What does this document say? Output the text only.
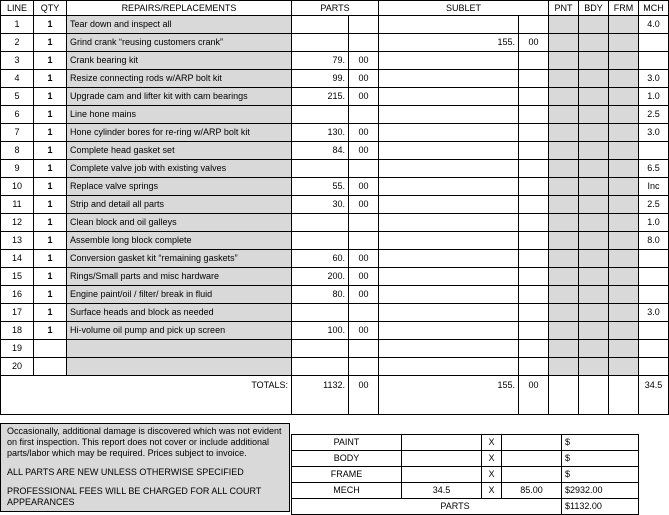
LINE	QTY	REPAIRS/REPLACEMENTS	PARTS		SUBLET		PNT	BDY	FRM	MCH
1	1	Tear down and inspect all								4.0
2	1	Grind crank “reusing customers crank”			155.	00				
3	1	Crank bearing kit	79.	00						
4	1	Resize connecting rods w/ARP bolt kit	99.	00						3.0
5	1	Upgrade cam and lifter kit with cam bearings	215.	00						1.0
6	1	Line hone mains								2.5
7	1	Hone cylinder bores for re-ring w/ARP bolt kit	130.	00						3.0
8	1	Complete head gasket set	84.	00						
9	1	Complete valve job with existing valves								6.5
10	1	Replace valve springs	55.	00						Inc
11	1	Strip and detail all parts	30.	00						2.5
12	1	Clean block and oil galleys								1.0
13	1	Assemble long block complete								8.0
14	1	Conversion gasket kit “remaining gaskets”	60.	00						
15	1	Rings/Small parts and misc hardware	200.	00						
16	1	Engine paint/oil / filter/ break in fluid	80.	00						
17	1	Surface heads and block as needed								3.0
18	1	Hi-volume oil pump and pick up screen	100.	00						
19										
20										
TOTALS:			1132.	00	155.	00				34.5

Occasionally, additional damage is discovered which was not evident on first inspection. This report does not cover or include additional parts/labor which may be required. Prices subject to invoice.

ALL PARTS ARE NEW UNLESS OTHERWISE SPECIFIED

PROFESSIONAL FEES WILL BE CHARGED FOR ALL COURT APPEARANCES

PAINT		X		$
BODY		X		$
FRAME		X		$
MECH	34.5	X	85.00	$2932.00
PARTS				$1132.00
